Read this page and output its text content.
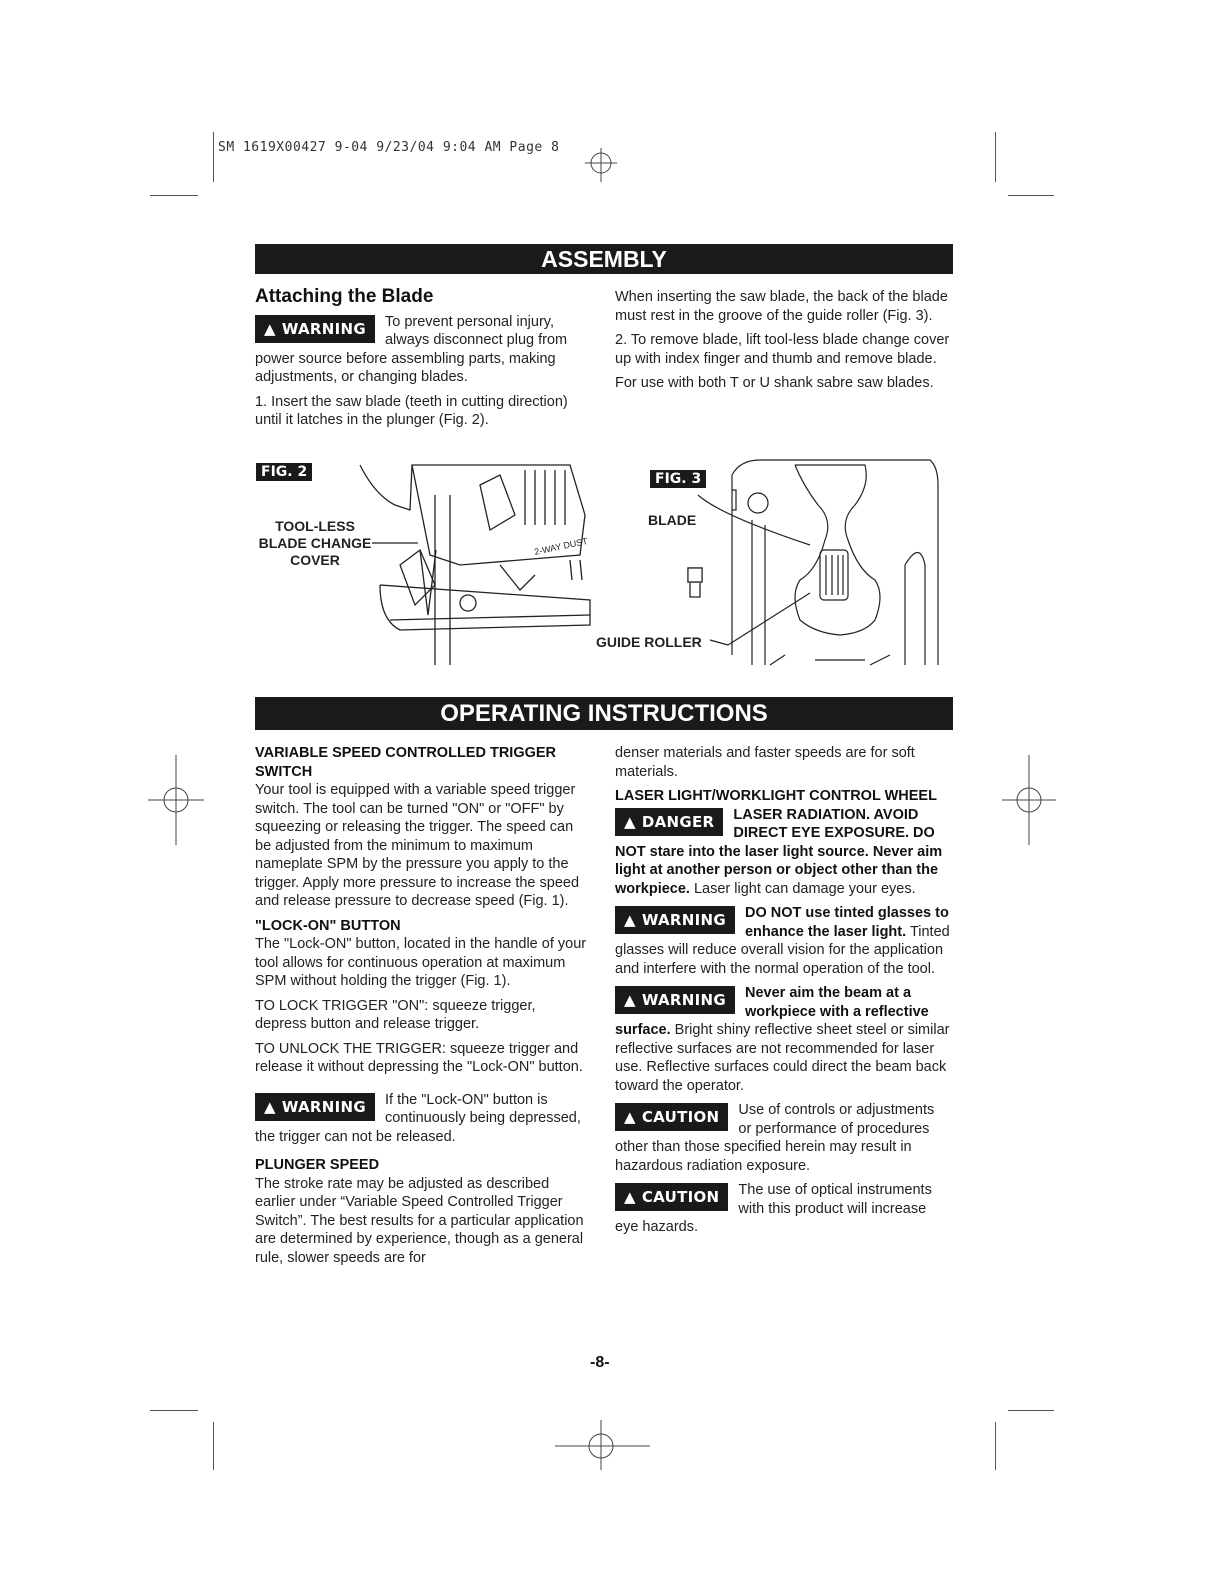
SM 1619X00427 9-04 9/23/04 9:04 AM Page 8
ASSEMBLY
Attaching the Blade

▲ WARNING	To prevent personal injury, always disconnect plug from power source before assembling parts, making adjustments, or changing blades.

1. Insert the saw blade (teeth in cutting direction) until it latches in the plunger (Fig. 2).

When inserting the saw blade, the back of the blade must rest in the groove of the guide roller (Fig. 3).

2. To remove blade, lift tool-less blade change cover up with index finger and thumb and remove blade.

For use with both T or U shank sabre saw blades.

FIG. 2
TOOL-LESS
BLADE CHANGE
COVER
2-WAY DUST
FIG. 3
BLADE
GUIDE ROLLER
OPERATING INSTRUCTIONS
VARIABLE SPEED CONTROLLED TRIGGER SWITCH

Your tool is equipped with a variable speed trigger switch. The tool can be turned "ON" or "OFF" by squeezing or releasing the trigger. The speed can be adjusted from the minimum to maximum nameplate SPM by the pressure you apply to the trigger. Apply more pressure to increase the speed and release pressure to decrease speed (Fig. 1).

"LOCK-ON" BUTTON

The "Lock-ON" button, located in the handle of your tool allows for continuous operation at maximum SPM without holding the trigger (Fig. 1).

TO LOCK TRIGGER "ON": squeeze trigger, depress button and release trigger.

TO UNLOCK THE TRIGGER: squeeze trigger and release it without depressing the "Lock-ON" button.

▲ WARNING	If the "Lock-ON" button is continuously being depressed, the trigger can not be released.

PLUNGER SPEED

The stroke rate may be adjusted as described earlier under “Variable Speed Controlled Trigger Switch”. The best results for a particular application are determined by experience, though as a general rule, slower speeds are for

denser materials and faster speeds are for soft materials.

LASER LIGHT/WORKLIGHT CONTROL WHEEL

▲ DANGER	LASER RADIATION. AVOID DIRECT EYE EXPOSURE. DO NOT stare into the laser light source. Never aim light at another person or object other than the workpiece. Laser light can damage your eyes.

▲ WARNING	DO NOT use tinted glasses to enhance the laser light. Tinted glasses will reduce overall vision for the application and interfere with the normal operation of the tool.

▲ WARNING	Never aim the beam at a workpiece with a reflective surface. Bright shiny reflective sheet steel or similar reflective surfaces are not recommended for laser use. Reflective surfaces could direct the beam back toward the operator.

▲ CAUTION	Use of controls or adjustments or performance of procedures other than those specified herein may result in hazardous radiation exposure.

▲ CAUTION	The use of optical instruments with this product will increase eye hazards.

-8-
